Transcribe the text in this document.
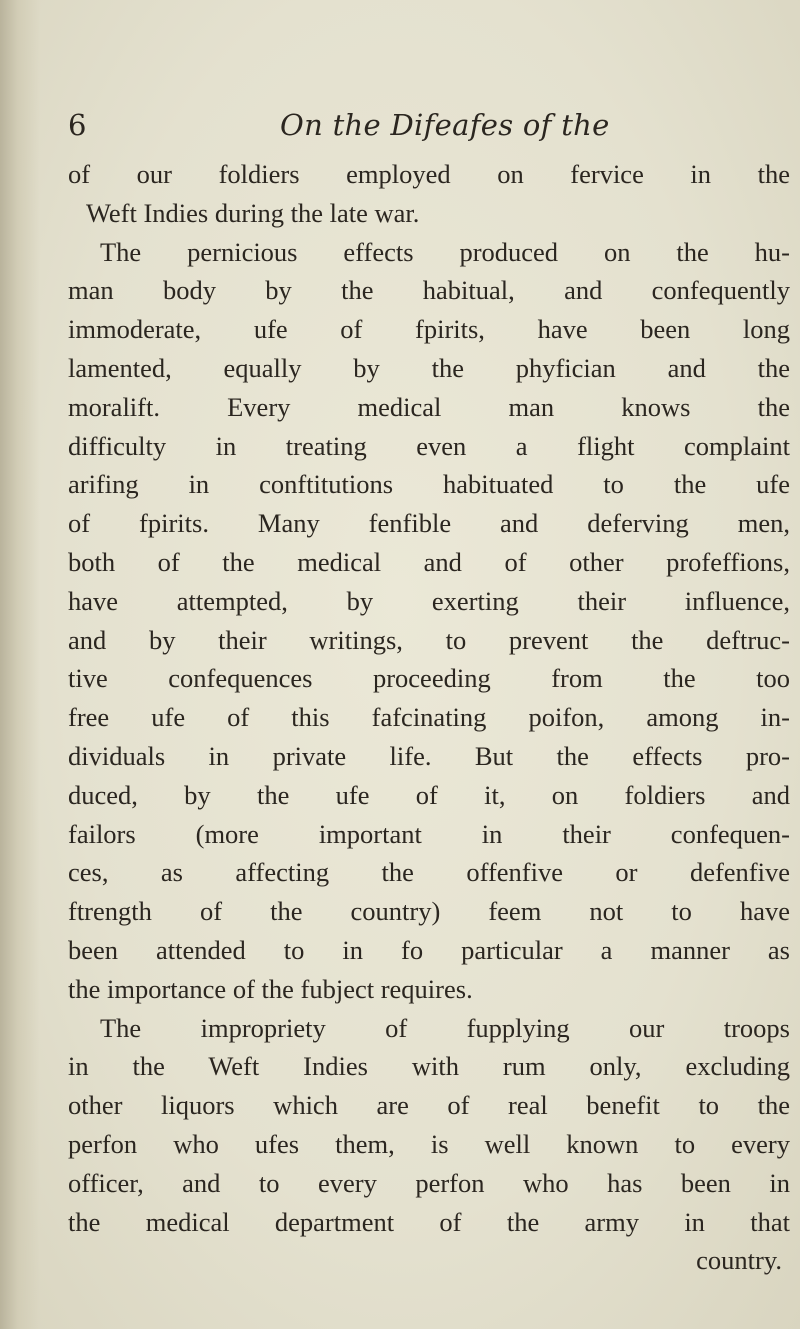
6	On the Difeafes of the
of our foldiers employed on fervice in the
Weft Indies during the late war.
The pernicious effects produced on the hu-
man body by the habitual, and confequently
immoderate, ufe of fpirits, have been long
lamented, equally by the phyfician and the
moralift. Every medical man knows the
difficulty in treating even a flight complaint
arifing in conftitutions habituated to the ufe
of fpirits. Many fenfible and deferving men,
both of the medical and of other profeffions,
have attempted, by exerting their influence,
and by their writings, to prevent the deftruc-
tive confequences proceeding from the too
free ufe of this fafcinating poifon, among in-
dividuals in private life. But the effects pro-
duced, by the ufe of it, on foldiers and
failors (more important in their confequen-
ces, as affecting the offenfive or defenfive
ftrength of the country) feem not to have
been attended to in fo particular a manner as
the importance of the fubject requires.
The impropriety of fupplying our troops
in the Weft Indies with rum only, excluding
other liquors which are of real benefit to the
perfon who ufes them, is well known to every
officer, and to every perfon who has been in
the medical department of the army in that
country.
